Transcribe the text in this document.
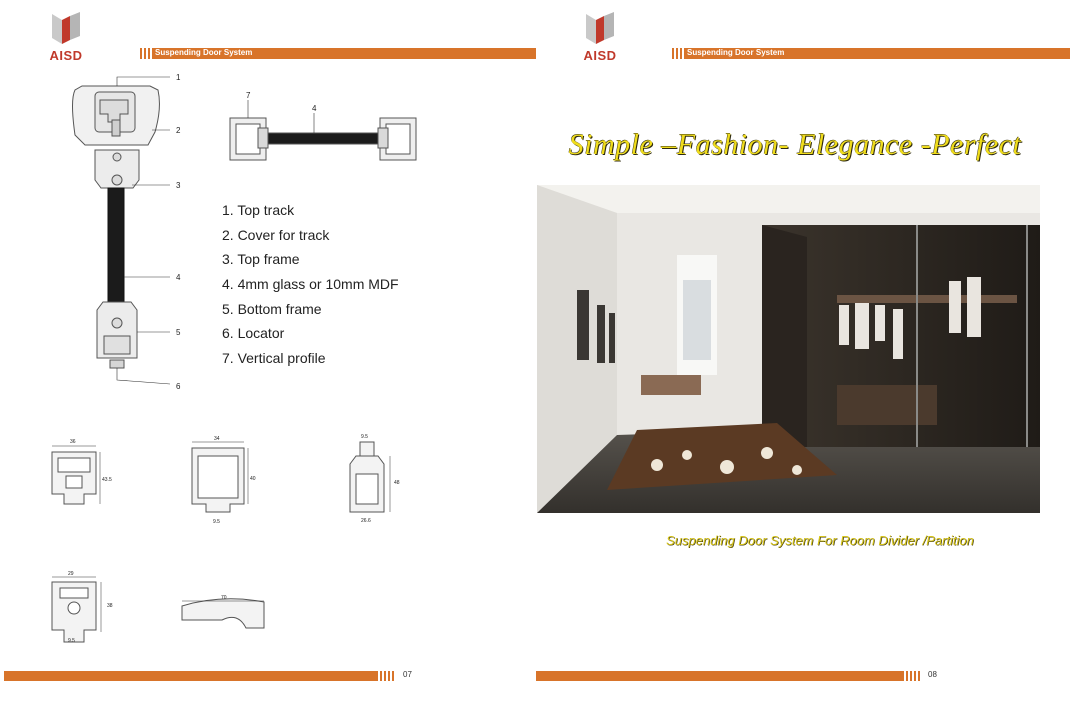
AISD	Suspending Door System
1
2
3
4
5
6
7
4
36
43.5
34
40
9.5
9.5
48
26.6
29
38
9.5
70
1. Top track
2. Cover for track
3. Top frame
4. 4mm glass or 10mm MDF
5. Bottom frame
6. Locator
7. Vertical profile
07
AISD	Suspending Door System
08
Simple –Fashion- Elegance -Perfect
Suspending Door System For Room Divider /Partition
